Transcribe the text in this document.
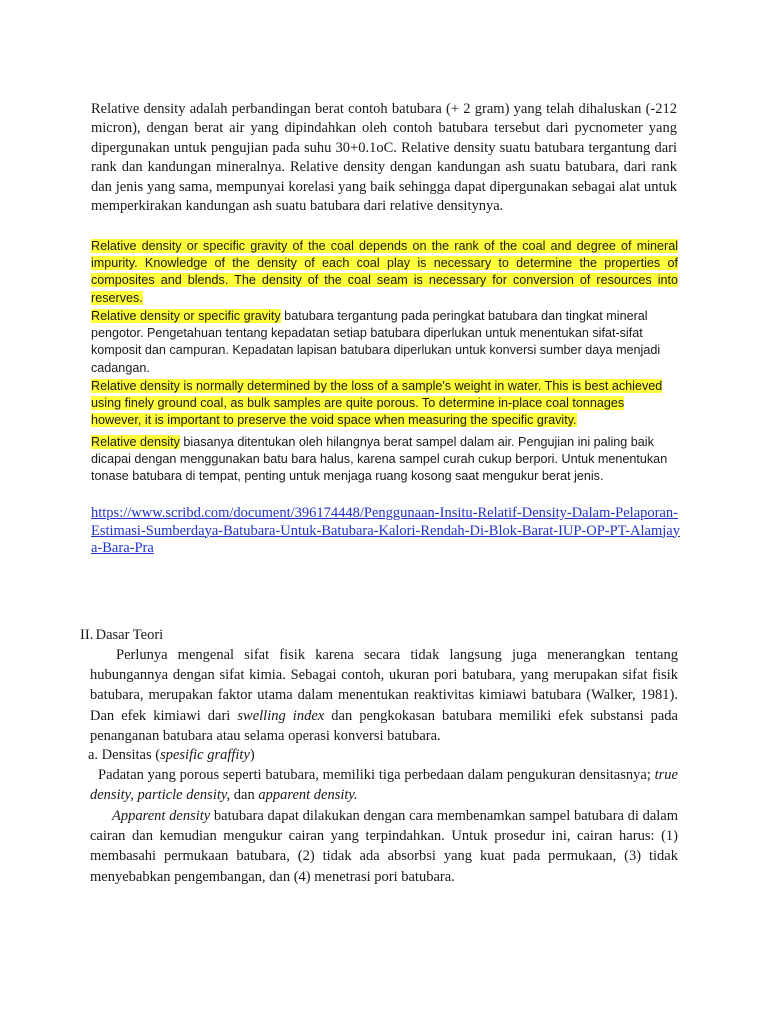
Relative density adalah perbandingan berat contoh batubara (+ 2 gram) yang telah dihaluskan (-212 micron), dengan berat air yang dipindahkan oleh contoh batubara tersebut dari pycnometer yang dipergunakan untuk pengujian pada suhu 30+0.1oC. Relative density suatu batubara tergantung dari rank dan kandungan mineralnya. Relative density dengan kandungan ash suatu batubara, dari rank dan jenis yang sama, mempunyai korelasi yang baik sehingga dapat dipergunakan sebagai alat untuk memperkirakan kandungan ash suatu batubara dari relative densitynya.

Relative density or specific gravity of the coal depends on the rank of the coal and degree of mineral impurity. Knowledge of the density of each coal play is necessary to determine the properties of composites and blends. The density of the coal seam is necessary for conversion of resources into reserves.

Relative density or specific gravity batubara tergantung pada peringkat batubara dan tingkat mineral pengotor. Pengetahuan tentang kepadatan setiap batubara diperlukan untuk menentukan sifat-sifat komposit dan campuran. Kepadatan lapisan batubara diperlukan untuk konversi sumber daya menjadi cadangan.

Relative density is normally determined by the loss of a sample's weight in water. This is best achieved using finely ground coal, as bulk samples are quite porous. To determine in-place coal tonnages however, it is important to preserve the void space when measuring the specific gravity.

Relative density biasanya ditentukan oleh hilangnya berat sampel dalam air. Pengujian ini paling baik dicapai dengan menggunakan batu bara halus, karena sampel curah cukup berpori. Untuk menentukan tonase batubara di tempat, penting untuk menjaga ruang kosong saat mengukur berat jenis.

https://www.scribd.com/document/396174448/Penggunaan-Insitu-Relatif-Density-Dalam-Pelaporan-Estimasi-Sumberdaya-Batubara-Untuk-Batubara-Kalori-Rendah-Di-Blok-Barat-IUP-OP-PT-Alamjaya-Bara-Pra

II. Dasar Teori

Perlunya mengenal sifat fisik karena secara tidak langsung juga menerangkan tentang hubungannya dengan sifat kimia. Sebagai contoh, ukuran pori batubara, yang merupakan sifat fisik batubara, merupakan faktor utama dalam menentukan reaktivitas kimiawi batubara (Walker, 1981). Dan efek kimiawi dari swelling index dan pengkokasan batubara memiliki efek substansi pada penanganan batubara atau selama operasi konversi batubara.

a. Densitas (spesific graffity)

Padatan yang porous seperti batubara, memiliki tiga perbedaan dalam pengukuran densitasnya; true density, particle density, dan apparent density.

Apparent density batubara dapat dilakukan dengan cara membenamkan sampel batubara di dalam cairan dan kemudian mengukur cairan yang terpindahkan. Untuk prosedur ini, cairan harus: (1) membasahi permukaan batubara, (2) tidak ada absorbsi yang kuat pada permukaan, (3) tidak menyebabkan pengembangan, dan (4) menetrasi pori batubara.
